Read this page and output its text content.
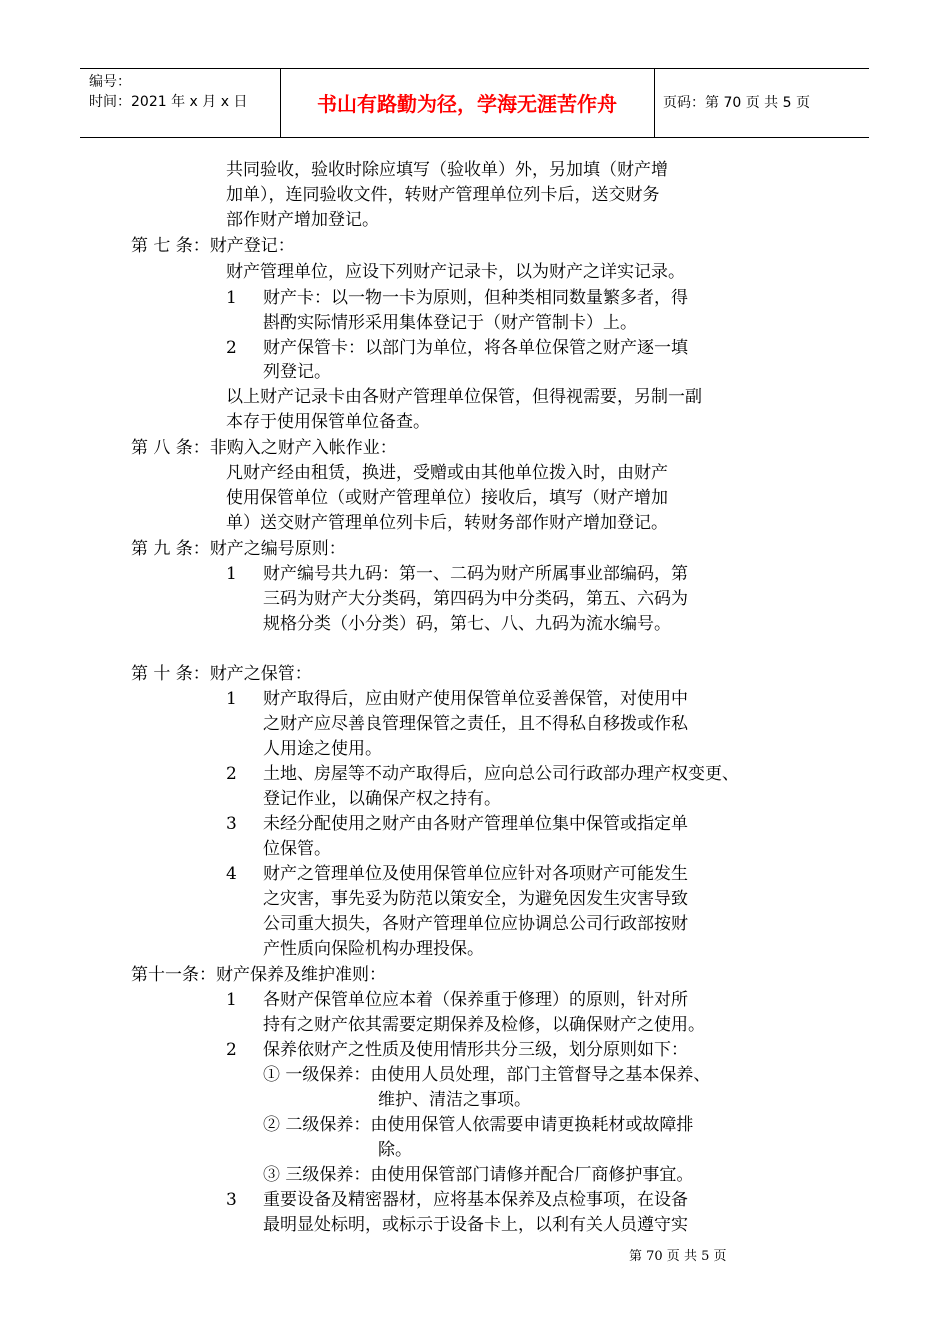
编号：
时间：2021 年 x 月 x 日	书山有路勤为径，学海无涯苦作舟	页码：第 70 页 共 5 页
共同验收，验收时除应填写（验收单）外，另加填（财产增
加单），连同验收文件，转财产管理单位列卡后，送交财务
部作财产增加登记。
第 七 条：财产登记：
财产管理单位，应设下列财产记录卡，以为财产之详实记录。
1 财产卡：以一物一卡为原则，但种类相同数量繁多者，得
斟酌实际情形采用集体登记于（财产管制卡）上。
2 财产保管卡：以部门为单位，将各单位保管之财产逐一填
列登记。
以上财产记录卡由各财产管理单位保管，但得视需要，另制一副
本存于使用保管单位备查。
第 八 条：非购入之财产入帐作业：
凡财产经由租赁，换进，受赠或由其他单位拨入时，由财产
使用保管单位（或财产管理单位）接收后，填写（财产增加
单）送交财产管理单位列卡后，转财务部作财产增加登记。
第 九 条：财产之编号原则：
1 财产编号共九码：第一、二码为财产所属事业部编码，第
三码为财产大分类码，第四码为中分类码，第五、六码为
规格分类（小分类）码，第七、八、九码为流水编号。
第 十 条：财产之保管：
1 财产取得后，应由财产使用保管单位妥善保管，对使用中
之财产应尽善良管理保管之责任，且不得私自移拨或作私
人用途之使用。
2 土地、房屋等不动产取得后，应向总公司行政部办理产权变更、
登记作业，以确保产权之持有。
3 未经分配使用之财产由各财产管理单位集中保管或指定单
位保管。
4 财产之管理单位及使用保管单位应针对各项财产可能发生
之灾害，事先妥为防范以策安全，为避免因发生灾害导致
公司重大损失，各财产管理单位应协调总公司行政部按财
产性质向保险机构办理投保。
第十一条：财产保养及维护准则：
1 各财产保管单位应本着（保养重于修理）的原则，针对所
持有之财产依其需要定期保养及检修，以确保财产之使用。
2 保养依财产之性质及使用情形共分三级，划分原则如下：
① 一级保养：由使用人员处理，部门主管督导之基本保养、
维护、清洁之事项。
② 二级保养：由使用保管人依需要申请更换耗材或故障排
除。
③ 三级保养：由使用保管部门请修并配合厂商修护事宜。
3 重要设备及精密器材，应将基本保养及点检事项，在设备
最明显处标明，或标示于设备卡上，以利有关人员遵守实
第 70 页 共 5 页
